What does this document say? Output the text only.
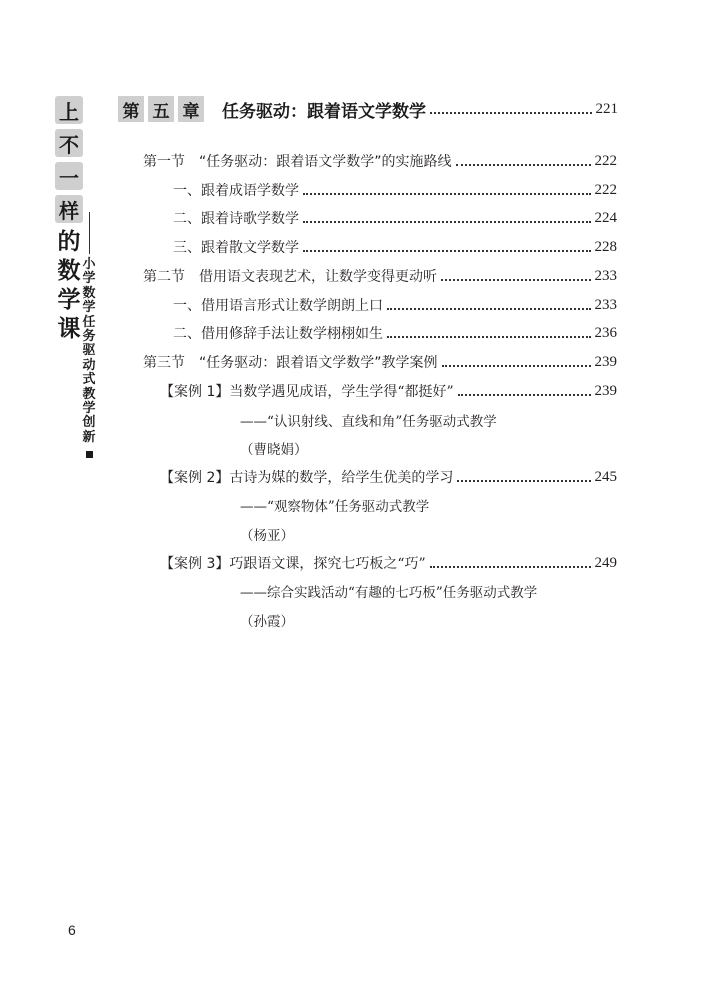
上
不
一
样
的
数
学
课
小
学
数
学
任
务
驱
动
式
教
学
创
新
第 五 章 任务驱动：跟着语文学数学	221
第一节　“任务驱动：跟着语文学数学”的实施路线	222
一、跟着成语学数学	222
二、跟着诗歌学数学	224
三、跟着散文学数学	228
第二节　借用语文表现艺术，让数学变得更动听	233
一、借用语言形式让数学朗朗上口	233
二、借用修辞手法让数学栩栩如生	236
第三节　“任务驱动：跟着语文学数学”教学案例	239
【案例 1】 当数学遇见成语，学生学得“都挺好”	239
——“认识射线、直线和角”任务驱动式教学
（曹晓娟）
【案例 2】 古诗为媒的数学，给学生优美的学习	245
——“观察物体”任务驱动式教学
（杨亚）
【案例 3】 巧跟语文课，探究七巧板之“巧”	249
——综合实践活动“有趣的七巧板”任务驱动式教学
（孙霞）
6
